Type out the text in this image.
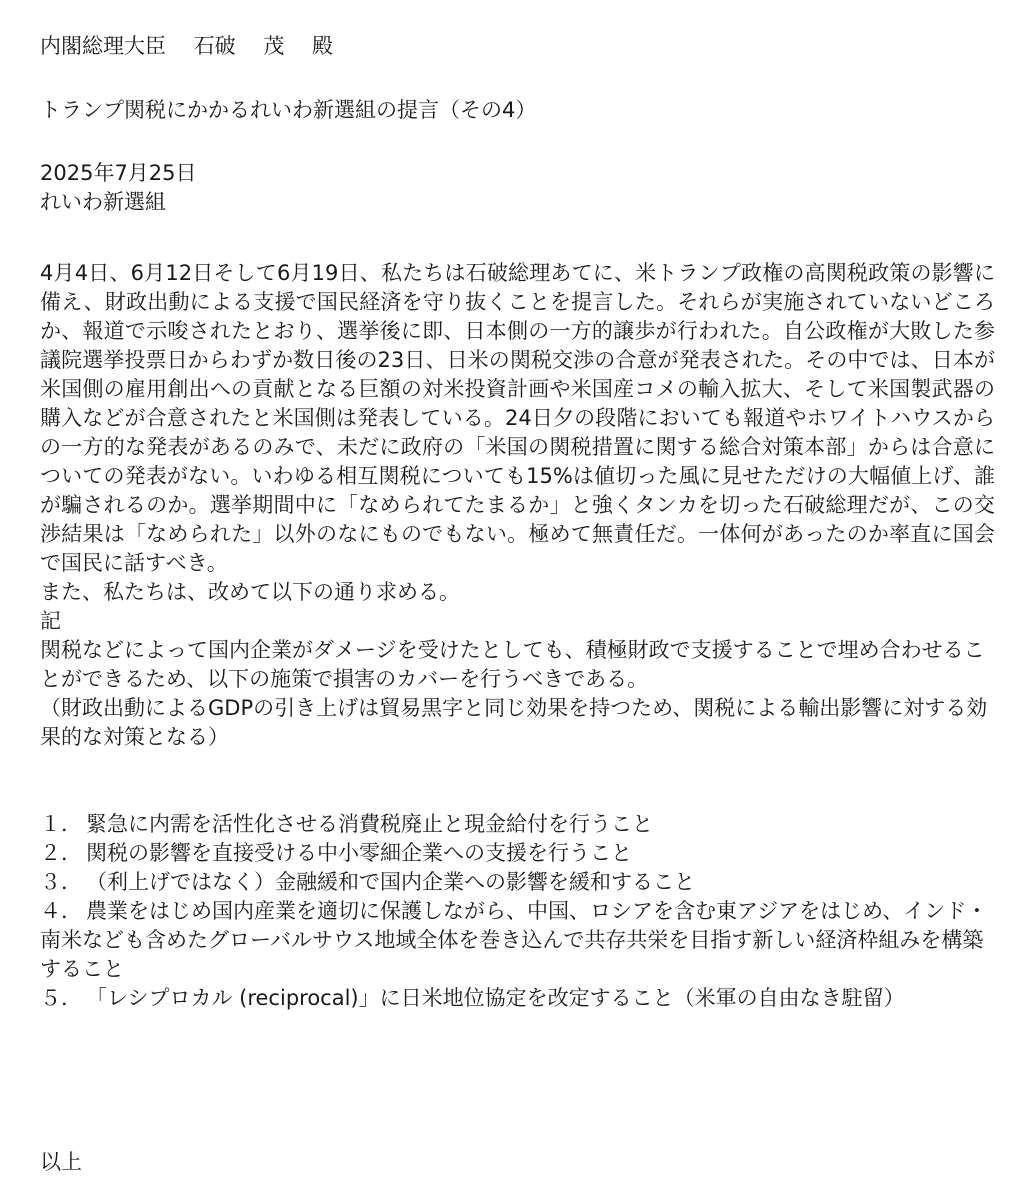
内閣総理大臣　 石破　 茂　 殿
トランプ関税にかかるれいわ新選組の提言（その4）
2025年7月25日
れいわ新選組

4月4日、6月12日そして6月19日、私たちは石破総理あてに、米トランプ政権の高関税政策の影響に備え、財政出動による支援で国民経済を守り抜くことを提言した。それらが実施されていないどころか、報道で示唆されたとおり、選挙後に即、日本側の一方的譲歩が行われた。自公政権が大敗した参議院選挙投票日からわずか数日後の23日、日米の関税交渉の合意が発表された。その中では、日本が米国側の雇用創出への貢献となる巨額の対米投資計画や米国産コメの輸入拡大、そして米国製武器の購入などが合意されたと米国側は発表している。24日夕の段階においても報道やホワイトハウスからの一方的な発表があるのみで、未だに政府の「米国の関税措置に関する総合対策本部」からは合意についての発表がない。いわゆる相互関税についても15%は値切った風に見せただけの大幅値上げ、誰が騙されるのか。選挙期間中に「なめられてたまるか」と強くタンカを切った石破総理だが、この交渉結果は「なめられた」以外のなにものでもない。極めて無責任だ。一体何があったのか率直に国会で国民に話すべき。

また、私たちは、改めて以下の通り求める。

記

関税などによって国内企業がダメージを受けたとしても、積極財政で支援することで埋め合わせることができるため、以下の施策で損害のカバーを行うべきである。

（財政出動によるGDPの引き上げは貿易黒字と同じ効果を持つため、関税による輸出影響に対する効果的な対策となる）

１． 緊急に内需を活性化させる消費税廃止と現金給付を行うこと
２． 関税の影響を直接受ける中小零細企業への支援を行うこと
３． （利上げではなく）金融緩和で国内企業への影響を緩和すること
４． 農業をはじめ国内産業を適切に保護しながら、中国、ロシアを含む東アジアをはじめ、インド・南米なども含めたグローバルサウス地域全体を巻き込んで共存共栄を目指す新しい経済枠組みを構築すること
５． 「レシプロカル (reciprocal)」に日米地位協定を改定すること（米軍の自由なき駐留）
以上
